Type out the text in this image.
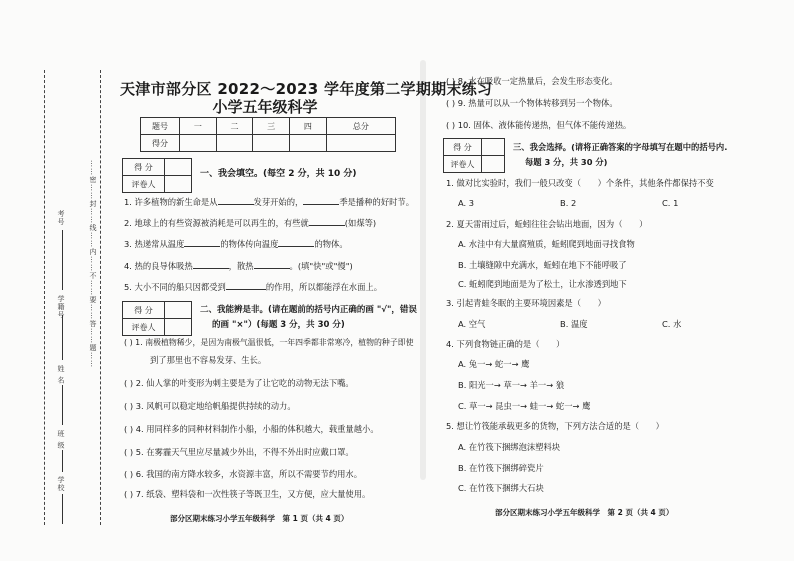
……密……封……线……内……不……要……答……题……
考号
学籍号
姓 名
班 级
学校
天津市部分区 2022～2023 学年度第二学期期末练习
小学五年级科学
题号	一	二	三	四	总分
得分					
得 分	
评卷人	
一、我会填空。(每空 2 分，共 10 分)
1. 许多植物的新生命是从	发芽开始的，	季是播种的好时节。
2. 地球上的有些资源被消耗是可以再生的，有些就	(如煤等)
3. 热递常从温度	的物体传向温度	的物体。
4. 热的良导体吸热	，散热	。(填"快"或"慢")
5. 大小不同的船只因都受到	的作用，所以都能浮在水面上。
得 分	
评卷人	
二、我能辨是非。(请在题前的括号内正确的画 "√"，错误
的画 "×"）(每题 3 分，共 30 分)
( ) 1. 南极植物稀少，是因为南极气温很低，一年四季都非常寒冷，植物的种子即使
到了那里也不容易发芽、生长。
( ) 2. 仙人掌的叶变形为刺主要是为了让它吃的动物无法下嘴。
( ) 3. 风帆可以稳定地给帆船提供持续的动力。
( ) 4. 用同样多的同种材料制作小船，小船的体积越大，载重量越小。
( ) 5. 在雾霾天气里应尽量减少外出，不得不外出时应戴口罩。
( ) 6. 我国的南方降水较多，水资源丰富，所以不需要节约用水。
( ) 7. 纸袋、塑料袋和一次性筷子等既卫生，又方便，应大量使用。
部分区期末练习小学五年级科学　第 1 页（共 4 页）
( ) 8. 水在吸收一定热量后，会发生形态变化。
( ) 9. 热量可以从一个物体转移到另一个物体。
( ) 10. 固体、液体能传递热，但气体不能传递热。
得 分	
评卷人	
三、我会选择。(请将正确答案的字母填写在题中的括号内.
每题 3 分，共 30 分)
1. 做对比实验时，我们一般只改变（　　）个条件，其他条件都保持不变
A. 3	B. 2	C. 1
2. 夏天雷雨过后，蚯蚓往往会钻出地面，因为（　　）
A. 水洼中有大量腐殖质，蚯蚓爬到地面寻找食物
B. 土壤缝隙中充满水，蚯蚓在地下不能呼吸了
C. 蚯蚓爬到地面是为了松土，让水渗透到地下
3. 引起青蛙冬眠的主要环境因素是（　　）
A. 空气	B. 温度	C. 水
4. 下列食物链正确的是（　　）
A. 兔一→ 蛇一→ 鹰
B. 阳光一→ 草一→ 羊一→ 狼
C. 草一→ 昆虫一→ 蛙一→ 蛇一→ 鹰
5. 想让竹筏能承载更多的货物，下列方法合适的是（　　）
A. 在竹筏下捆绑泡沫塑料块
B. 在竹筏下捆绑碎瓷片
C. 在竹筏下捆绑大石块
部分区期末练习小学五年级科学　第 2 页（共 4 页）
